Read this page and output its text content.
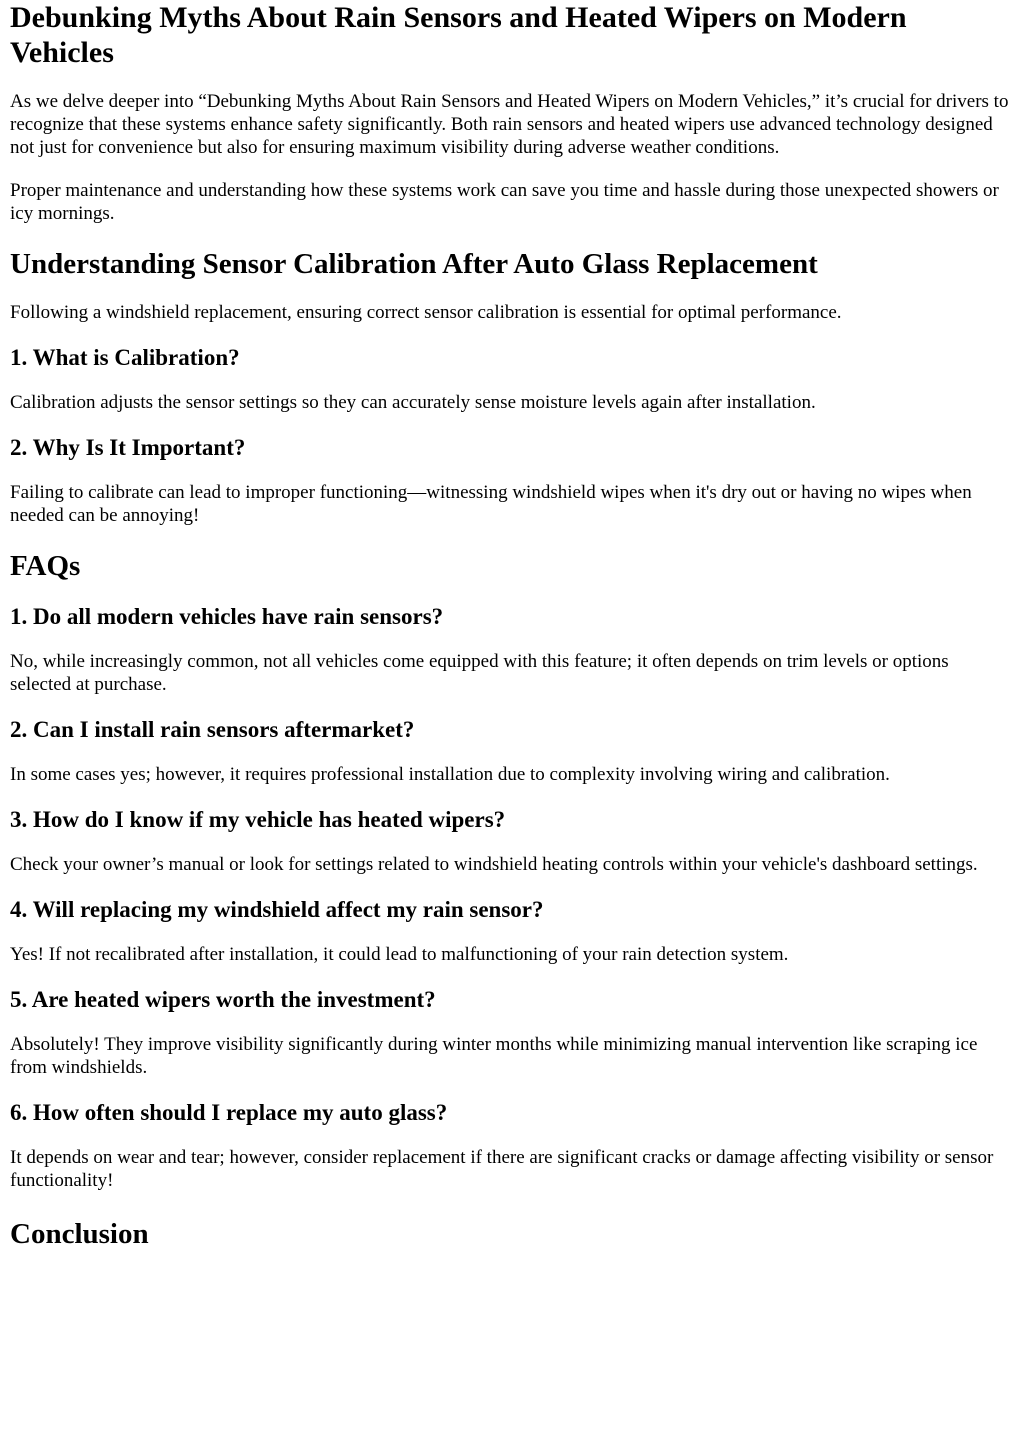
Debunking Myths About Rain Sensors and Heated Wipers on Modern Vehicles

As we delve deeper into “Debunking Myths About Rain Sensors and Heated Wipers on Modern Vehicles,” it’s crucial for drivers to recognize that these systems enhance safety significantly. Both rain sensors and heated wipers use advanced technology designed not just for convenience but also for ensuring maximum visibility during adverse weather conditions.

Proper maintenance and understanding how these systems work can save you time and hassle during those unexpected showers or icy mornings.

Understanding Sensor Calibration After Auto Glass Replacement

Following a windshield replacement, ensuring correct sensor calibration is essential for optimal performance.

1. What is Calibration?

Calibration adjusts the sensor settings so they can accurately sense moisture levels again after installation.

2. Why Is It Important?

Failing to calibrate can lead to improper functioning—witnessing windshield wipes when it's dry out or having no wipes when needed can be annoying!

FAQs
1. Do all modern vehicles have rain sensors?

No, while increasingly common, not all vehicles come equipped with this feature; it often depends on trim levels or options selected at purchase.

2. Can I install rain sensors aftermarket?

In some cases yes; however, it requires professional installation due to complexity involving wiring and calibration.

3. How do I know if my vehicle has heated wipers?

Check your owner’s manual or look for settings related to windshield heating controls within your vehicle's dashboard settings.

4. Will replacing my windshield affect my rain sensor?

Yes! If not recalibrated after installation, it could lead to malfunctioning of your rain detection system.

5. Are heated wipers worth the investment?

Absolutely! They improve visibility significantly during winter months while minimizing manual intervention like scraping ice from windshields.

6. How often should I replace my auto glass?

It depends on wear and tear; however, consider replacement if there are significant cracks or damage affecting visibility or sensor functionality!

Conclusion
